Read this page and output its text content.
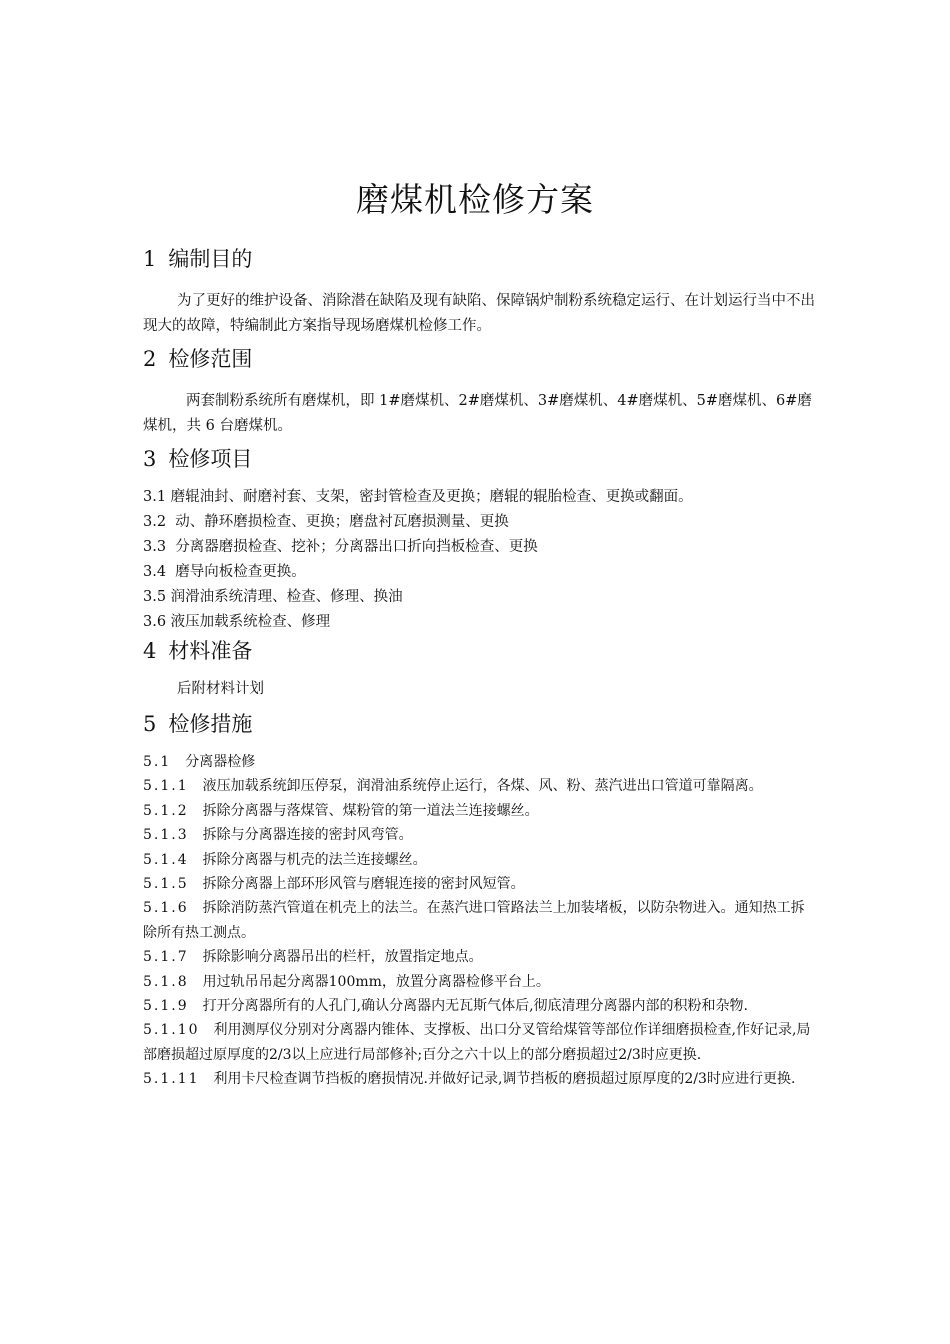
磨煤机检修方案
1 编制目的

为了更好的维护设备、消除潜在缺陷及现有缺陷、保障锅炉制粉系统稳定运行、在计划运行当中不出现大的故障，特编制此方案指导现场磨煤机检修工作。

2 检修范围

两套制粉系统所有磨煤机，即 1#磨煤机、2#磨煤机、3#磨煤机、4#磨煤机、5#磨煤机、6#磨煤机，共 6 台磨煤机。

3 检修项目

3.1 磨辊油封、耐磨衬套、支架，密封管检查及更换；磨辊的辊胎检查、更换或翻面。

3.2  动、静环磨损检查、更换；磨盘衬瓦磨损测量、更换

3.3  分离器磨损检查、挖补；分离器出口折向挡板检查、更换

3.4  磨导向板检查更换。

3.5 润滑油系统清理、检查、修理、换油

3.6 液压加载系统检查、修理

4 材料准备

后附材料计划

5 检修措施

5.1 分离器检修

5.1.1 液压加载系统卸压停泵，润滑油系统停止运行，各煤、风、粉、蒸汽进出口管道可靠隔离。

5.1.2 拆除分离器与落煤管、煤粉管的第一道法兰连接螺丝。

5.1.3 拆除与分离器连接的密封风弯管。

5.1.4 拆除分离器与机壳的法兰连接螺丝。

5.1.5 拆除分离器上部环形风管与磨辊连接的密封风短管。

5.1.6 拆除消防蒸汽管道在机壳上的法兰。在蒸汽进口管路法兰上加装堵板，以防杂物进入。通知热工拆除所有热工测点。

5.1.7 拆除影响分离器吊出的栏杆，放置指定地点。

5.1.8 用过轨吊吊起分离器100mm，放置分离器检修平台上。

5.1.9 打开分离器所有的人孔门,确认分离器内无瓦斯气体后,彻底清理分离器内部的积粉和杂物.

5.1.10 利用测厚仪分别对分离器内锥体、支撑板、出口分叉管给煤管等部位作详细磨损检查,作好记录,局部磨损超过原厚度的2/3以上应进行局部修补;百分之六十以上的部分磨损超过2/3时应更换.

5.1.11 利用卡尺检查调节挡板的磨损情况.并做好记录,调节挡板的磨损超过原厚度的2/3时应进行更换.
